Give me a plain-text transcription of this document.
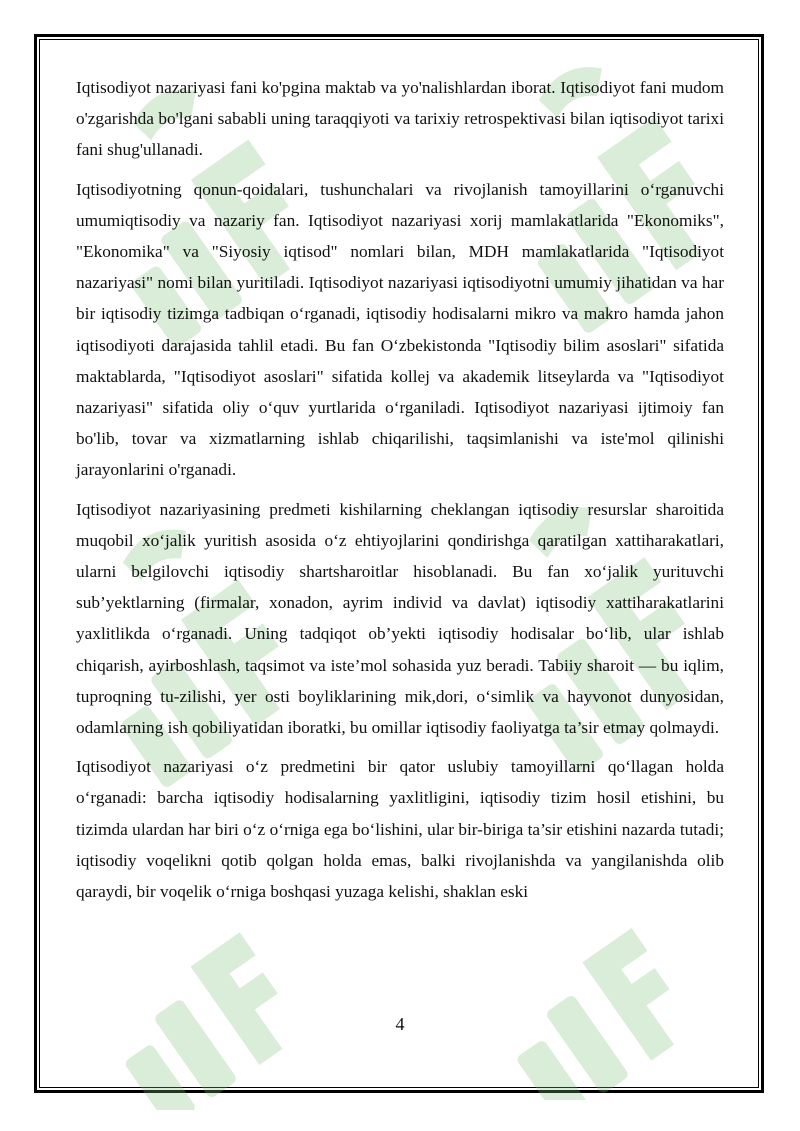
Iqtisodiyot nazariyasi fani ko'pgina maktab va yo'nalishlardan iborat. Iqtisodiyot fani mudom o'zgarishda bo'lgani sababli uning taraqqiyoti va tarixiy retrospektivasi bilan iqtisodiyot tarixi fani shug'ullanadi.

Iqtisodiyotning qonun-qoidalari, tushunchalari va rivojlanish tamoyillarini o‘rganuvchi umumiqtisodiy va nazariy fan. Iqtisodiyot nazariyasi xorij mamlakatlarida "Ekonomiks", "Ekonomika" va "Siyosiy iqtisod" nomlari bilan, MDH mamlakatlarida "Iqtisodiyot nazariyasi" nomi bilan yuritiladi. Iqtisodiyot nazariyasi iqtisodiyotni umumiy jihatidan va har bir iqtisodiy tizimga tadbiqan o‘rganadi, iqtisodiy hodisalarni mikro va makro hamda jahon iqtisodiyoti darajasida tahlil etadi. Bu fan O‘zbekistonda "Iqtisodiy bilim asoslari" sifatida maktablarda, "Iqtisodiyot asoslari" sifatida kollej va akademik litseylarda va "Iqtisodiyot nazariyasi" sifatida oliy o‘quv yurtlarida o‘rganiladi. Iqtisodiyot nazariyasi ijtimoiy fan bo'lib, tovar va xizmatlarning ishlab chiqarilishi, taqsimlanishi va iste'mol qilinishi jarayonlarini o'rganadi.

Iqtisodiyot nazariyasining predmeti kishilarning cheklangan iqtisodiy resurslar sharoitida muqobil xo‘jalik yuritish asosida o‘z ehtiyojlarini qondirishga qaratilgan xattiharakatlari, ularni belgilovchi iqtisodiy shartsharoitlar hisoblanadi. Bu fan xo‘jalik yurituvchi sub’yektlarning (firmalar, xonadon, ayrim individ va davlat) iqtisodiy xattiharakatlarini yaxlitlikda o‘rganadi. Uning tadqiqot ob’yekti iqtisodiy hodisalar bo‘lib, ular ishlab chiqarish, ayirboshlash, taqsimot va iste’mol sohasida yuz beradi. Tabiiy sharoit — bu iqlim, tuproqning tu-zilishi, yer osti boyliklarining mik,dori, o‘simlik va hayvonot dunyosidan, odamlarning ish qobiliyatidan iboratki, bu omillar iqtisodiy faoliyatga ta’sir etmay qolmaydi.

Iqtisodiyot nazariyasi o‘z predmetini bir qator uslubiy tamoyillarni qo‘llagan holda o‘rganadi: barcha iqtisodiy hodisalarning yaxlitligini, iqtisodiy tizim hosil etishini, bu tizimda ulardan har biri o‘z o‘rniga ega bo‘lishini, ular bir-biriga ta’sir etishini nazarda tutadi; iqtisodiy voqelikni qotib qolgan holda emas, balki rivojlanishda va yangilanishda olib qaraydi, bir voqelik o‘rniga boshqasi yuzaga kelishi, shaklan eski

4
